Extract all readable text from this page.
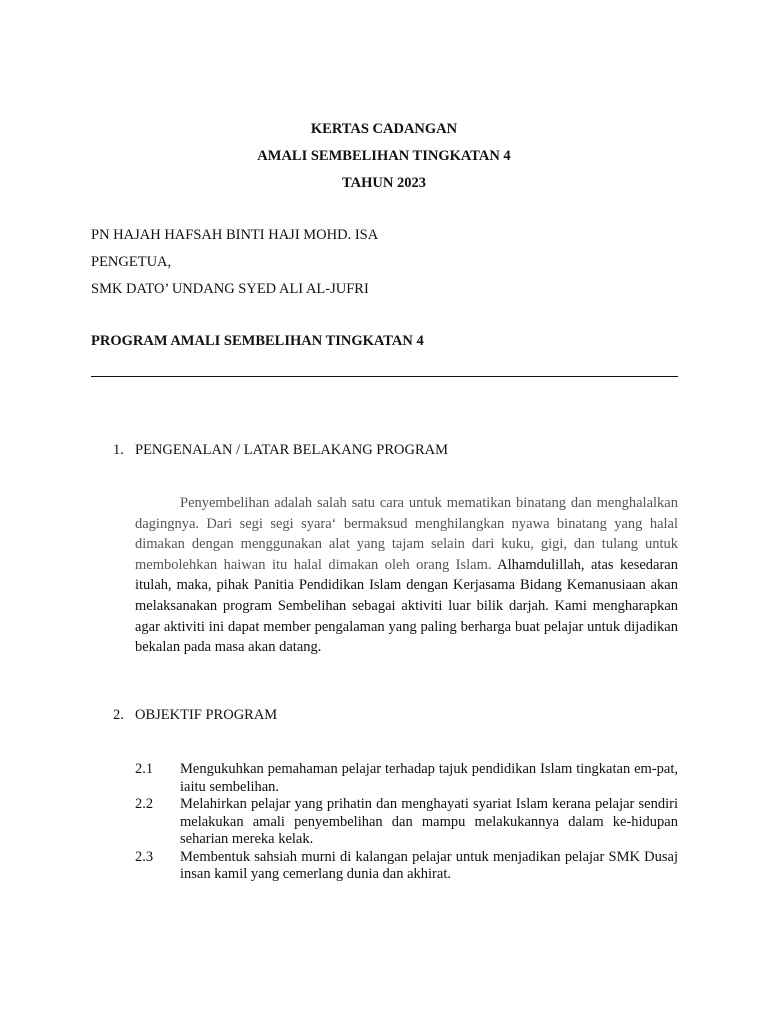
KERTAS CADANGAN
AMALI SEMBELIHAN TINGKATAN 4
TAHUN 2023
PN HAJAH HAFSAH BINTI HAJI MOHD. ISA
PENGETUA,
SMK DATO’ UNDANG SYED ALI AL-JUFRI
PROGRAM AMALI SEMBELIHAN TINGKATAN 4
1. PENGENALAN / LATAR BELAKANG PROGRAM
Penyembelihan adalah salah satu cara untuk mematikan binatang dan menghalalkan dagingnya. Dari segi segi syara‘ bermaksud menghilangkan nyawa binatang yang halal dimakan dengan menggunakan alat yang tajam selain dari kuku, gigi, dan tulang untuk membolehkan haiwan itu halal dimakan oleh orang Islam. Alhamdulillah, atas kesedaran itulah, maka, pihak Panitia Pendidikan Islam dengan Kerjasama Bidang Kemanusiaan akan melaksanakan program Sembelihan sebagai aktiviti luar bilik darjah. Kami mengharapkan agar aktiviti ini dapat member pengalaman yang paling berharga buat pelajar untuk dijadikan bekalan pada masa akan datang.
2. OBJEKTIF PROGRAM
2.1	Mengukuhkan pemahaman pelajar terhadap tajuk pendidikan Islam tingkatan em-pat, iaitu sembelihan.
2.2	Melahirkan pelajar yang prihatin dan menghayati syariat Islam kerana pelajar sendiri melakukan amali penyembelihan dan mampu melakukannya dalam ke-hidupan seharian mereka kelak.
2.3	Membentuk sahsiah murni di kalangan pelajar untuk menjadikan pelajar SMK Dusaj insan kamil yang cemerlang dunia dan akhirat.
